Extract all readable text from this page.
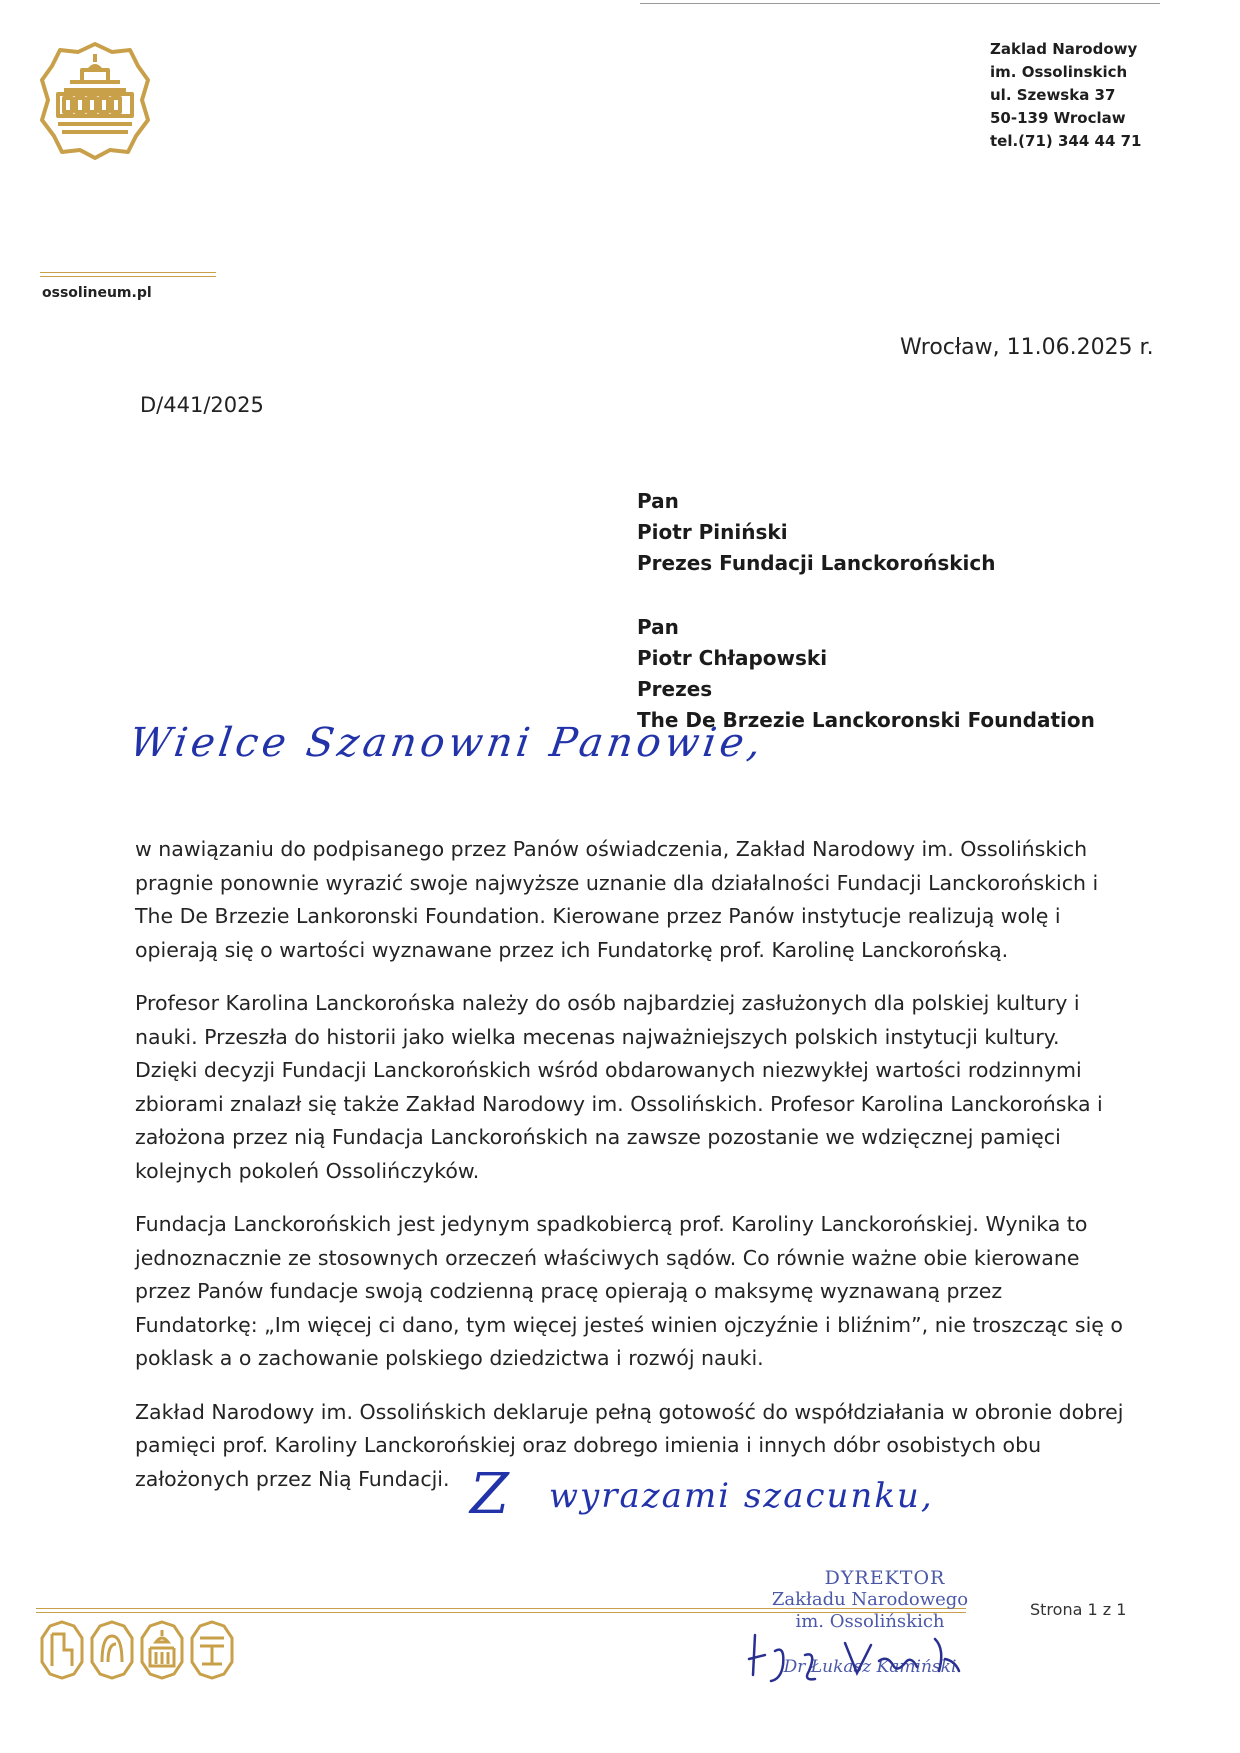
Zaklad Narodowy
im. Ossolinskich
ul. Szewska 37
50-139 Wroclaw
tel.(71) 344 44 71
ossolineum.pl
Wrocław, 11.06.2025 r.
D/441/2025
Pan
Piotr Piniński
Prezes Fundacji Lanckorońskich
Pan
Piotr Chłapowski
Prezes
The De Brzezie Lanckoronski Foundation
Wielce Szanowni Panowie,

w nawiązaniu do podpisanego przez Panów oświadczenia, Zakład Narodowy im. Ossolińskich pragnie ponownie wyrazić swoje najwyższe uznanie dla działalności Fundacji Lanckorońskich i The De Brzezie Lankoronski Foundation. Kierowane przez Panów instytucje realizują wolę i opierają się o wartości wyznawane przez ich Fundatorkę prof. Karolinę Lanckorońską.

Profesor Karolina Lanckorońska należy do osób najbardziej zasłużonych dla polskiej kultury i nauki. Przeszła do historii jako wielka mecenas najważniejszych polskich instytucji kultury. Dzięki decyzji Fundacji Lanckorońskich wśród obdarowanych niezwykłej wartości rodzinnymi zbiorami znalazł się także Zakład Narodowy im. Ossolińskich. Profesor Karolina Lanckorońska i założona przez nią Fundacja Lanckorońskich na zawsze pozostanie we wdzięcznej pamięci kolejnych pokoleń Ossolińczyków.

Fundacja Lanckorońskich jest jedynym spadkobiercą prof. Karoliny Lanckorońskiej. Wynika to jednoznacznie ze stosownych orzeczeń właściwych sądów. Co równie ważne obie kierowane przez Panów fundacje swoją codzienną pracę opierają o maksymę wyznawaną przez Fundatorkę: „Im więcej ci dano, tym więcej jesteś winien ojczyźnie i bliźnim”, nie troszcząc się o poklask a o zachowanie polskiego dziedzictwa i rozwój nauki.

Zakład Narodowy im. Ossolińskich deklaruje pełną gotowość do współdziałania w obronie dobrej pamięci prof. Karoliny Lanckorońskiej oraz dobrego imienia i innych dóbr osobistych obu założonych przez Nią Fundacji. Z wyrazami szacunku,
DYREKTOR
Zakładu Narodowego
im. Ossolińskich
Dr Łukasz Kamiński
Strona 1 z 1
